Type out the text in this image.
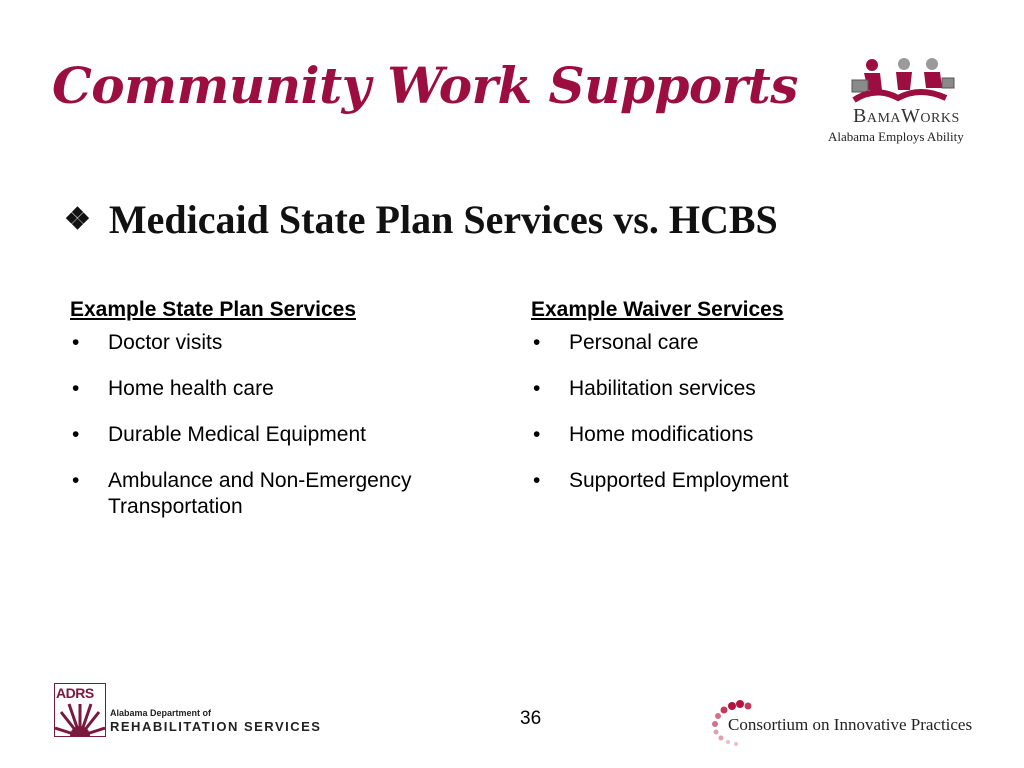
Community Work Supports
BamaWorks
Alabama Employs Ability
❖ Medicaid State Plan Services vs. HCBS
Example State Plan Services
• Doctor visits
• Home health care
• Durable Medical Equipment
• Ambulance and Non-Emergency Transportation
Example Waiver Services
• Personal care
• Habilitation services
• Home modifications
• Supported Employment
ADRS
Alabama Department of
REHABILITATION SERVICES	36	Consortium on Innovative Practices
